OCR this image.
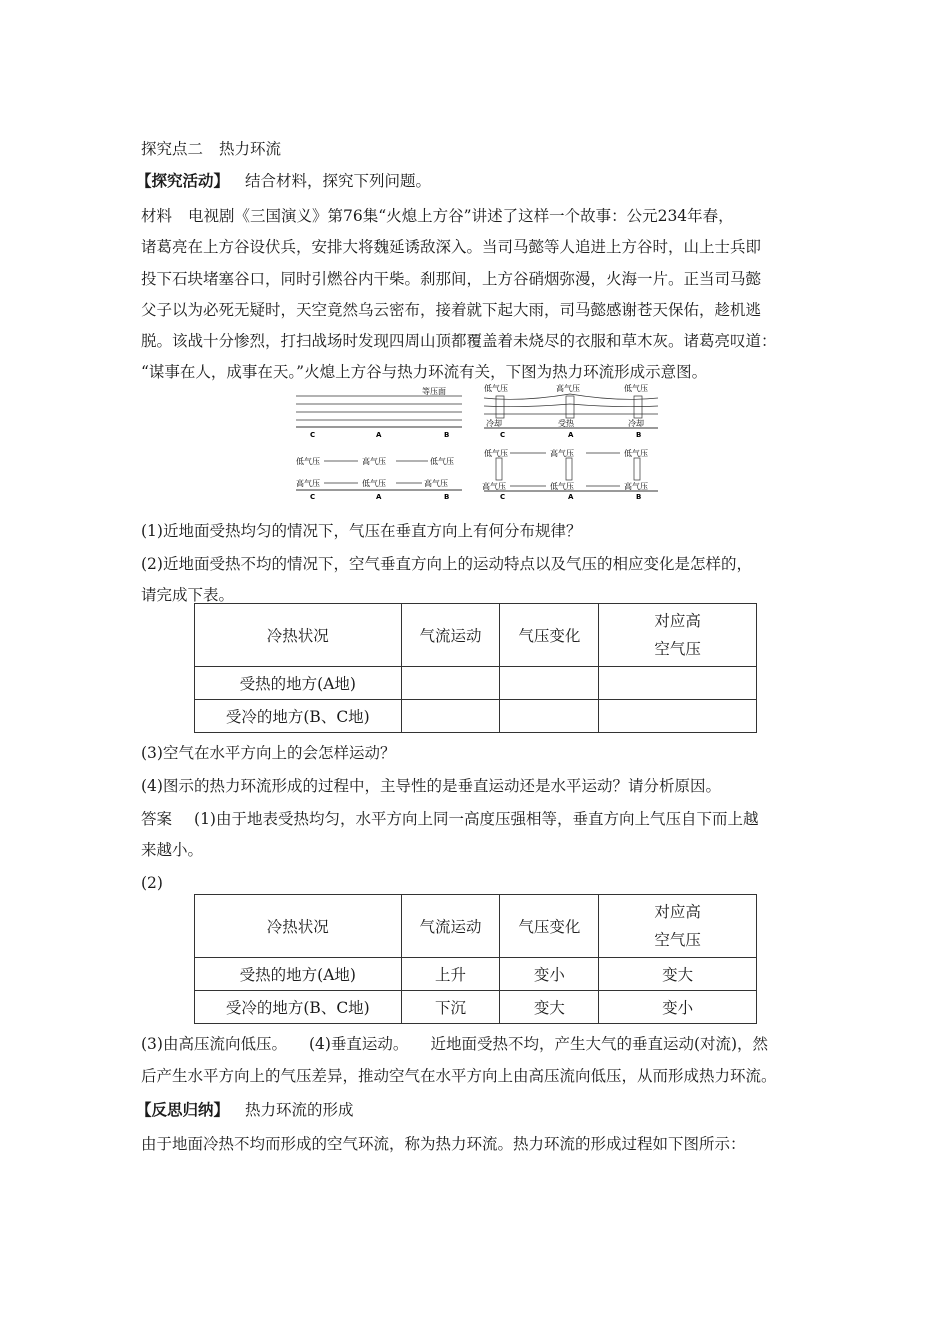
探究点二 热力环流
【探究活动】 结合材料，探究下列问题。
材料 电视剧《三国演义》第76集“火熄上方谷”讲述了这样一个故事：公元234年春，
诸葛亮在上方谷设伏兵，安排大将魏延诱敌深入。当司马懿等人追进上方谷时，山上士兵即
投下石块堵塞谷口，同时引燃谷内干柴。刹那间，上方谷硝烟弥漫，火海一片。正当司马懿
父子以为必死无疑时，天空竟然乌云密布，接着就下起大雨，司马懿感谢苍天保佑，趁机逃
脱。该战十分惨烈，打扫战场时发现四周山顶都覆盖着未烧尽的衣服和草木灰。诸葛亮叹道：
“谋事在人，成事在天。”火熄上方谷与热力环流有关，下图为热力环流形成示意图。
等压面
C	A	B
低气压	高气压	低气压
高气压	低气压	高气压
C	A	B
低气压	高气压	低气压
冷却	受热	冷却
C	A	B
低气压	高气压	低气压
高气压	低气压	高气压
C	A	B
(1)近地面受热均匀的情况下，气压在垂直方向上有何分布规律？
(2)近地面受热不均的情况下，空气垂直方向上的运动特点以及气压的相应变化是怎样的，
请完成下表。
冷热状况	气流运动	气压变化	对应高
空气压
受热的地方(A地)			
受冷的地方(B、C地)			
(3)空气在水平方向上的会怎样运动？
(4)图示的热力环流形成的过程中，主导性的是垂直运动还是水平运动？请分析原因。
答案 (1)由于地表受热均匀，水平方向上同一高度压强相等，垂直方向上气压自下而上越
来越小。
(2)
冷热状况	气流运动	气压变化	对应高
空气压
受热的地方(A地)	上升	变小	变大
受冷的地方(B、C地)	下沉	变大	变小
(3)由高压流向低压。 (4)垂直运动。 近地面受热不均，产生大气的垂直运动(对流)，然
后产生水平方向上的气压差异，推动空气在水平方向上由高压流向低压，从而形成热力环流。
【反思归纳】 热力环流的形成
由于地面冷热不均而形成的空气环流，称为热力环流。热力环流的形成过程如下图所示：
